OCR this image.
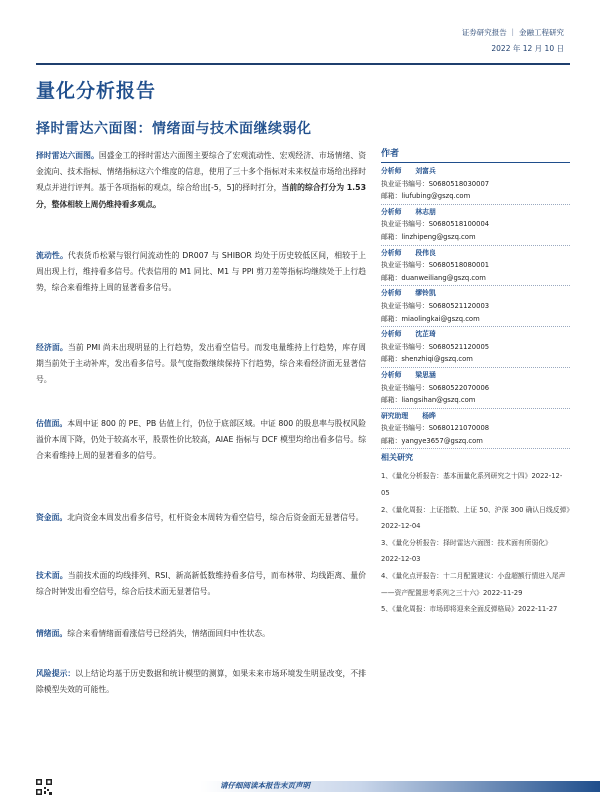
证券研究报告 ｜ 金融工程研究
2022 年 12 月 10 日
量化分析报告
择时雷达六面图：情绪面与技术面继续弱化

择时雷达六面图。国盛金工的择时雷达六面图主要综合了宏观流动性、宏观经济、市场情绪、资金流向、技术指标、情绪指标这六个维度的信息，使用了三十多个指标对未来权益市场给出择时观点并进行评判。基于各项指标的观点，综合给出[-5，5]的择时打分，当前的综合打分为 1.53 分，整体相较上周仍维持看多观点。

流动性。代表货币松紧与银行间流动性的 DR007 与 SHIBOR 均处于历史较低区间，相较于上周出现上行，维持看多信号。代表信用的 M1 同比、M1 与 PPI 剪刀差等指标均继续处于上行趋势，综合来看维持上周的显著看多信号。

经济面。当前 PMI 尚未出现明显的上行趋势，发出看空信号。而发电量维持上行趋势，库存周期当前处于主动补库，发出看多信号。景气度指数继续保持下行趋势，综合来看经济面无显著信号。

估值面。本周中证 800 的 PE、PB 估值上行，仍位于底部区域。中证 800 的股息率与股权风险溢价本周下降，仍处于较高水平，股票性价比较高，AIAE 指标与 DCF 模型均给出看多信号。综合来看维持上周的显著看多的信号。

资金面。北向资金本周发出看多信号，杠杆资金本周转为看空信号，综合后资金面无显著信号。

技术面。当前技术面的均线排列、RSI、新高新低数维持看多信号，而布林带、均线距离、量价综合时钟发出看空信号，综合后技术面无显著信号。

情绪面。综合来看情绪面看涨信号已经消失，情绪面回归中性状态。

风险提示：以上结论均基于历史数据和统计模型的测算，如果未来市场环境发生明显改变，不排除模型失效的可能性。

作者
分析师 刘富兵
执业证书编号：S0680518030007
邮箱：liufubing@gszq.com
分析师 林志朋
执业证书编号：S0680518100004
邮箱：linzhipeng@gszq.com
分析师 段伟良
执业证书编号：S0680518080001
邮箱：duanweiliang@gszq.com
分析师 缪铃凯
执业证书编号：S0680521120003
邮箱：miaolingkai@gszq.com
分析师 沈芷琦
执业证书编号：S0680521120005
邮箱：shenzhiqi@gszq.com
分析师 梁思涵
执业证书编号：S0680522070006
邮箱：liangsihan@gszq.com
研究助理 杨晔
执业证书编号：S0680121070008
邮箱：yangye3657@gszq.com
相关研究
1、《量化分析报告：基本面量化系列研究之十四》2022-12-05
2、《量化周报：上证指数、上证 50、沪深 300 确认日线反弹》2022-12-04
3、《量化分析报告：择时雷达六面图：技术面有所弱化》2022-12-03
4、《量化点评报告：十二月配置建议：小盘超额行情进入尾声——资产配置思考系列之三十六》2022-11-29
5、《量化周报：市场即将迎来全面反弹格局》2022-11-27
请仔细阅读本报告末页声明
